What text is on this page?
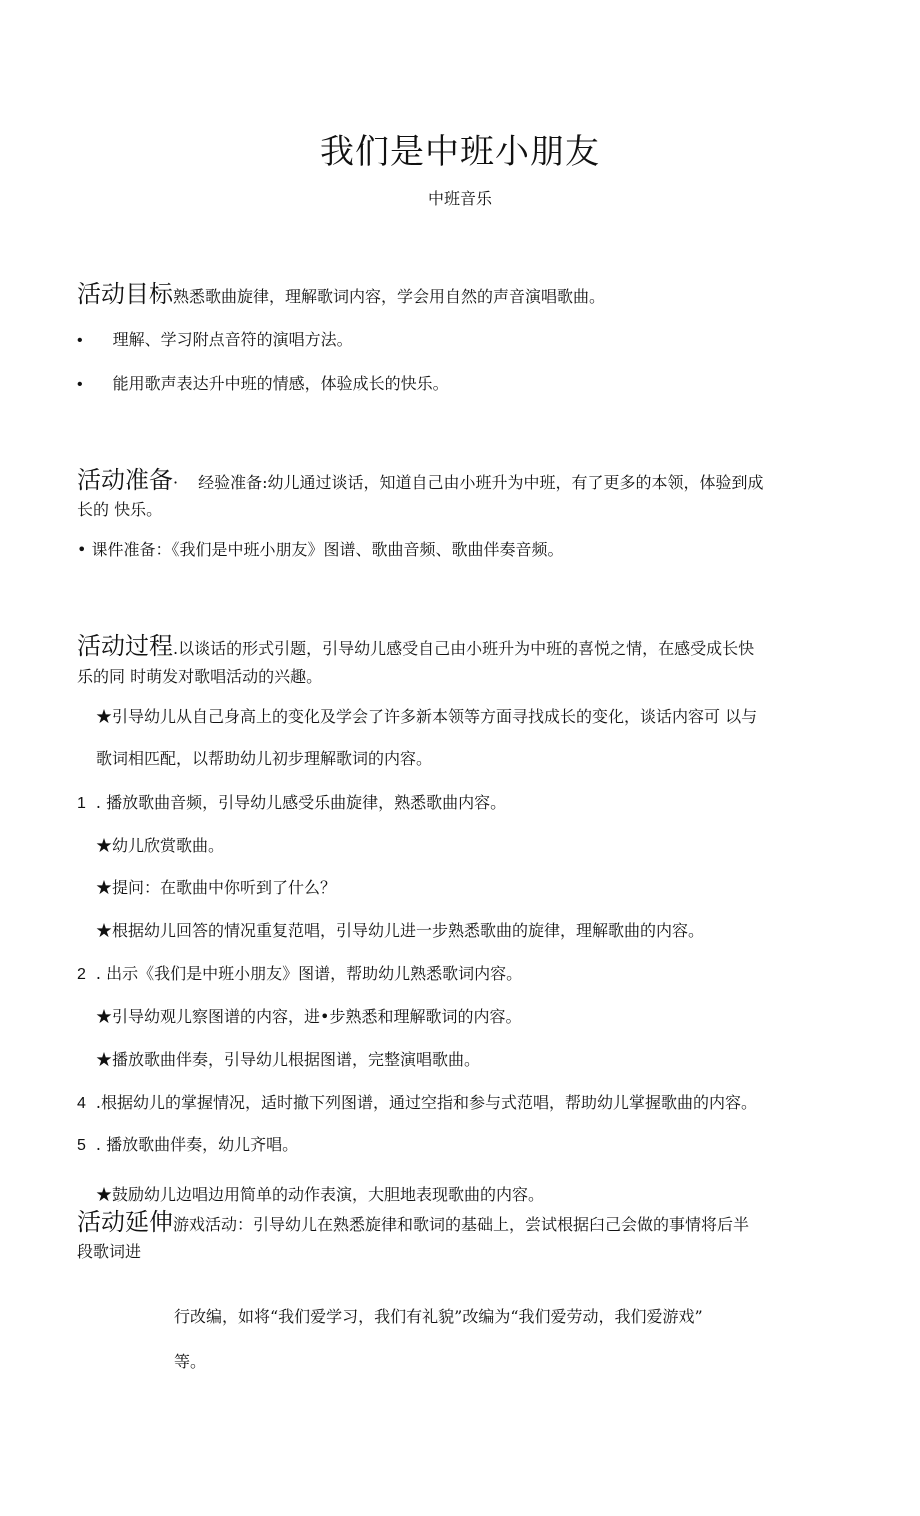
我们是中班小朋友
中班音乐
活动目标熟悉歌曲旋律，理解歌词内容，学会用自然的声音演唱歌曲。
• 理解、学习附点音符的演唱方法。
• 能用歌声表达升中班的情感，体验成长的快乐。
活动准备· 经验准备:幼儿通过谈话，知道自己由小班升为中班，有了更多的本领，体验到成
长的 快乐。
• 课件准备：《我们是中班小朋友》图谱、歌曲音频、歌曲伴奏音频。
活动过程.以谈话的形式引题，引导幼儿感受自己由小班升为中班的喜悦之情，在感受成长快
乐的同 时萌发对歌唱活动的兴趣。
★引导幼儿从自己身高上的变化及学会了许多新本领等方面寻找成长的变化，谈话内容可 以与
歌词相匹配，以帮助幼儿初步理解歌词的内容。
1 . 播放歌曲音频，引导幼儿感受乐曲旋律，熟悉歌曲内容。
★幼儿欣赏歌曲。
★提问：在歌曲中你听到了什么？
★根据幼儿回答的情况重复范唱，引导幼儿进一步熟悉歌曲的旋律，理解歌曲的内容。
2 . 出示《我们是中班小朋友》图谱，帮助幼儿熟悉歌词内容。
★引导幼观儿察图谱的内容，进•步熟悉和理解歌词的内容。
★播放歌曲伴奏，引导幼儿根据图谱，完整演唱歌曲。
4 .根据幼儿的掌握情况，适时撤下列图谱，通过空指和参与式范唱，帮助幼儿掌握歌曲的内容。
5 . 播放歌曲伴奏，幼儿齐唱。
★鼓励幼儿边唱边用简单的动作表演，大胆地表现歌曲的内容。
活动延伸游戏活动：引导幼儿在熟悉旋律和歌词的基础上，尝试根据臼己会做的事情将后半
段歌词进
行改编，如将“我们爱学习，我们有礼貌”改编为“我们爱劳动，我们爱游戏”
等。
